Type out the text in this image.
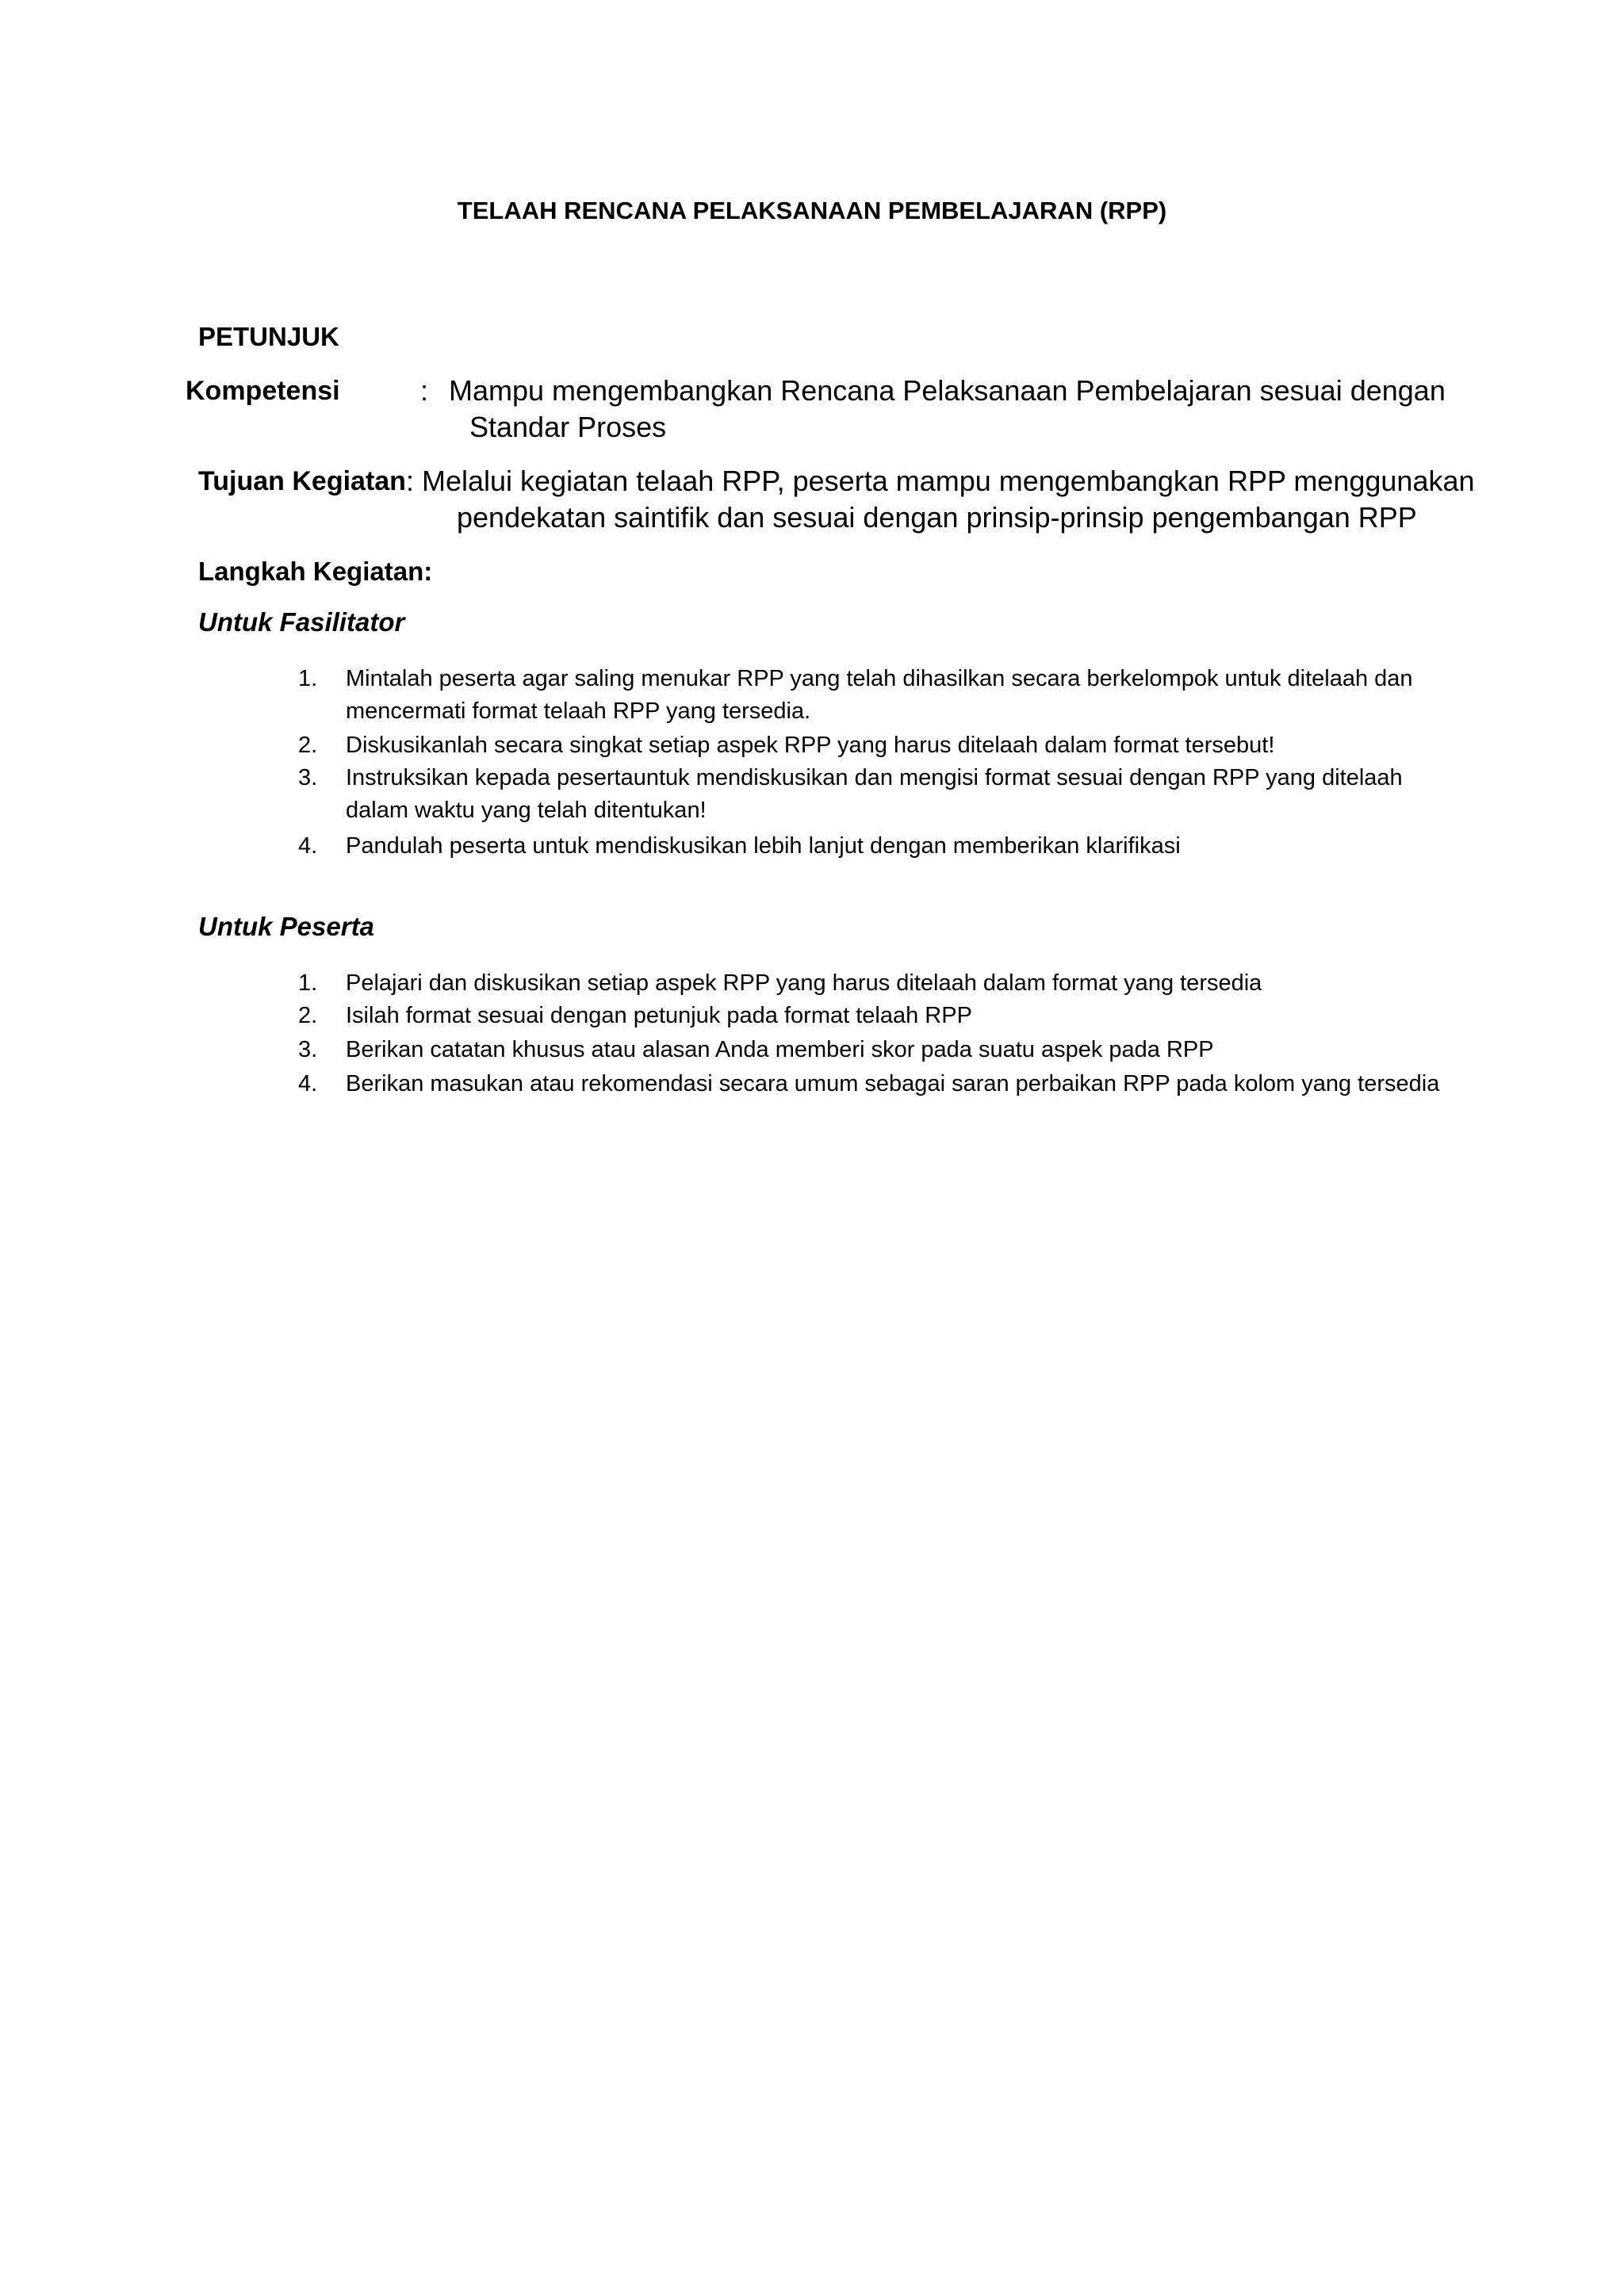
TELAAH RENCANA PELAKSANAAN PEMBELAJARAN (RPP)
PETUNJUK
Kompetensi	: Mampu mengembangkan Rencana Pelaksanaan Pembelajaran sesuai dengan
Standar Proses
Tujuan Kegiatan : Melalui kegiatan telaah RPP, peserta mampu mengembangkan RPP menggunakan
pendekatan saintifik dan sesuai dengan prinsip-prinsip pengembangan RPP
Langkah Kegiatan:
Untuk Fasilitator
1. Mintalah peserta agar saling menukar RPP yang telah dihasilkan secara berkelompok untuk ditelaah dan mencermati format telaah RPP yang tersedia.
2. Diskusikanlah secara singkat setiap aspek RPP yang harus ditelaah dalam format tersebut!
3. Instruksikan kepada pesertauntuk mendiskusikan dan mengisi format sesuai dengan RPP yang ditelaah dalam waktu yang telah ditentukan!
4. Pandulah peserta untuk mendiskusikan lebih lanjut dengan memberikan klarifikasi
Untuk Peserta
1. Pelajari dan diskusikan setiap aspek RPP yang harus ditelaah dalam format yang tersedia
2. Isilah format sesuai dengan petunjuk pada format telaah RPP
3. Berikan catatan khusus atau alasan Anda memberi skor pada suatu aspek pada RPP
4. Berikan masukan atau rekomendasi secara umum sebagai saran perbaikan RPP pada kolom yang tersedia
